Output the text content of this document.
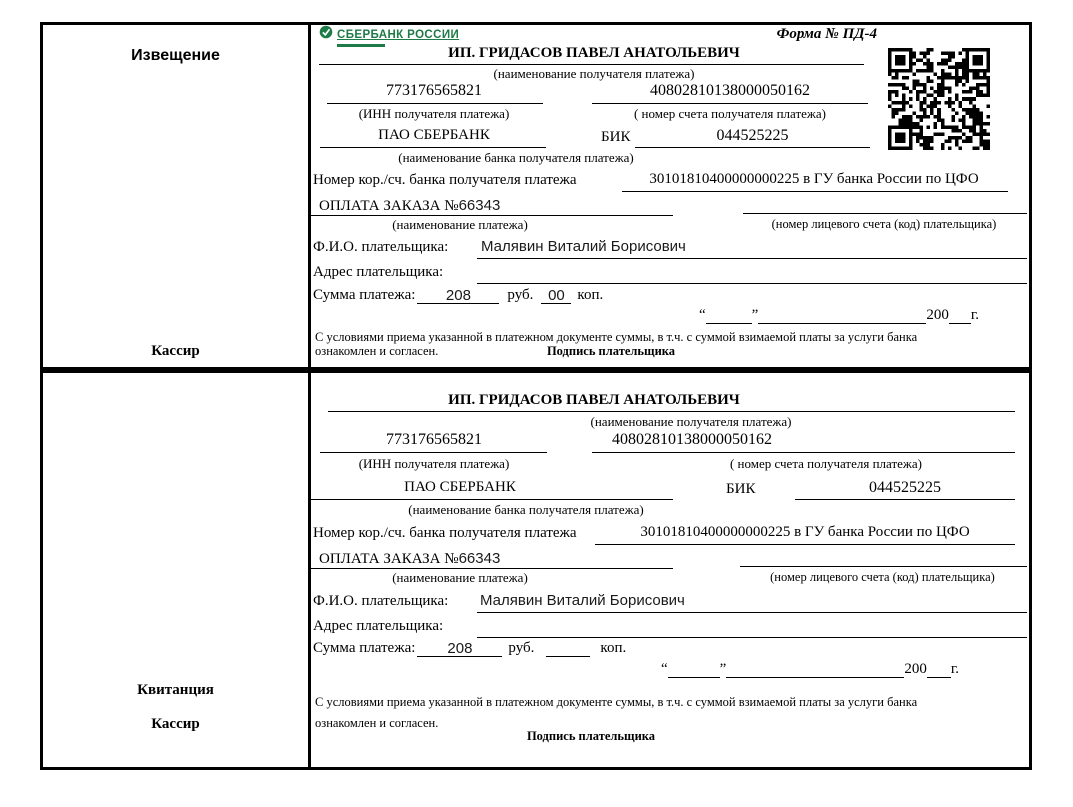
Извещение
Кассир
СБЕРБАНК РОССИИ	Форма № ПД-4
ИП. ГРИДАСОВ ПАВЕЛ АНАТОЛЬЕВИЧ
(наименование получателя платежа)
773176565821	40802810138000050162
(ИНН получателя платежа)	( номер счета получателя платежа)
ПАО СБЕРБАНК	БИК	044525225
(наименование банка получателя платежа)
Номер кор./сч. банка получателя платежа	30101810400000000225 в ГУ банка России по ЦФО
ОПЛАТА ЗАКАЗА №66343
(наименование платежа)	(номер лицевого счета (код) плательщика)
Ф.И.О. плательщика: Малявин Виталий Борисович
Адрес плательщика:
Сумма платежа: 208 руб. 00 коп.
“	”	200 г.
С условиями приема указанной в платежном документе суммы, в т.ч. с суммой взимаемой платы за услуги банка
ознакомлен и согласен.	Подпись плательщика
Квитанция
Кассир
ИП. ГРИДАСОВ ПАВЕЛ АНАТОЛЬЕВИЧ
(наименование получателя платежа)
773176565821	40802810138000050162
(ИНН получателя платежа)	( номер счета получателя платежа)
ПАО СБЕРБАНК	БИК	044525225
(наименование банка получателя платежа)
Номер кор./сч. банка получателя платежа	30101810400000000225 в ГУ банка России по ЦФО
ОПЛАТА ЗАКАЗА №66343
(наименование платежа)	(номер лицевого счета (код) плательщика)
Ф.И.О. плательщика: Малявин Виталий Борисович
Адрес плательщика:
Сумма платежа: 208 руб.	коп.
“	”	200 г.
С условиями приема указанной в платежном документе суммы, в т.ч. с суммой взимаемой платы за услуги банка
ознакомлен и согласен.
Подпись плательщика
